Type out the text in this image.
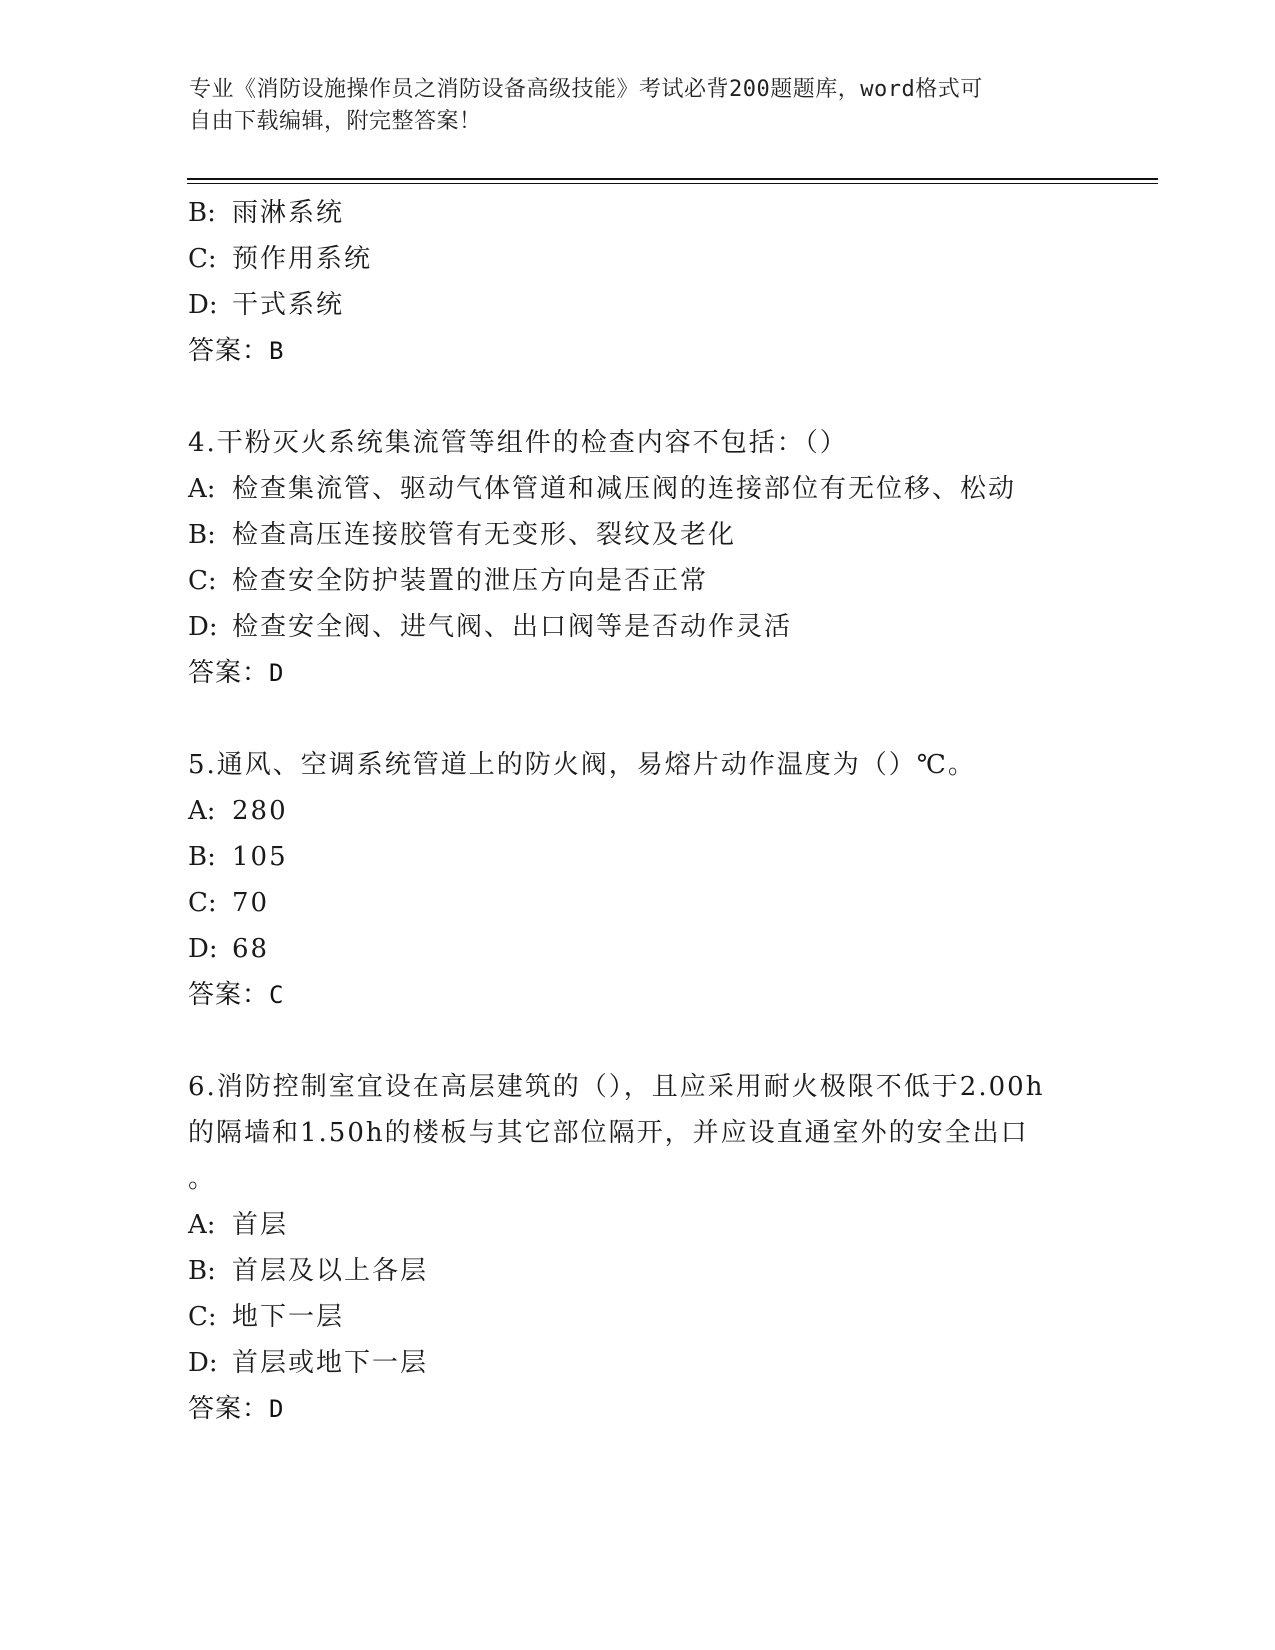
专业《消防设施操作员之消防设备高级技能》考试必背200题题库，word格式可
自由下载编辑，附完整答案！
B: 雨淋系统
C: 预作用系统
D: 干式系统
答案：B
4.干粉灭火系统集流管等组件的检查内容不包括：（）
A: 检查集流管、驱动气体管道和减压阀的连接部位有无位移、松动
B: 检查高压连接胶管有无变形、裂纹及老化
C: 检查安全防护装置的泄压方向是否正常
D: 检查安全阀、进气阀、出口阀等是否动作灵活
答案：D
5.通风、空调系统管道上的防火阀，易熔片动作温度为（）℃。
A: 280
B: 105
C: 70
D: 68
答案：C
6.消防控制室宜设在高层建筑的（），且应采用耐火极限不低于2.00h
的隔墙和1.50h的楼板与其它部位隔开，并应设直通室外的安全出口
。
A: 首层
B: 首层及以上各层
C: 地下一层
D: 首层或地下一层
答案：D
